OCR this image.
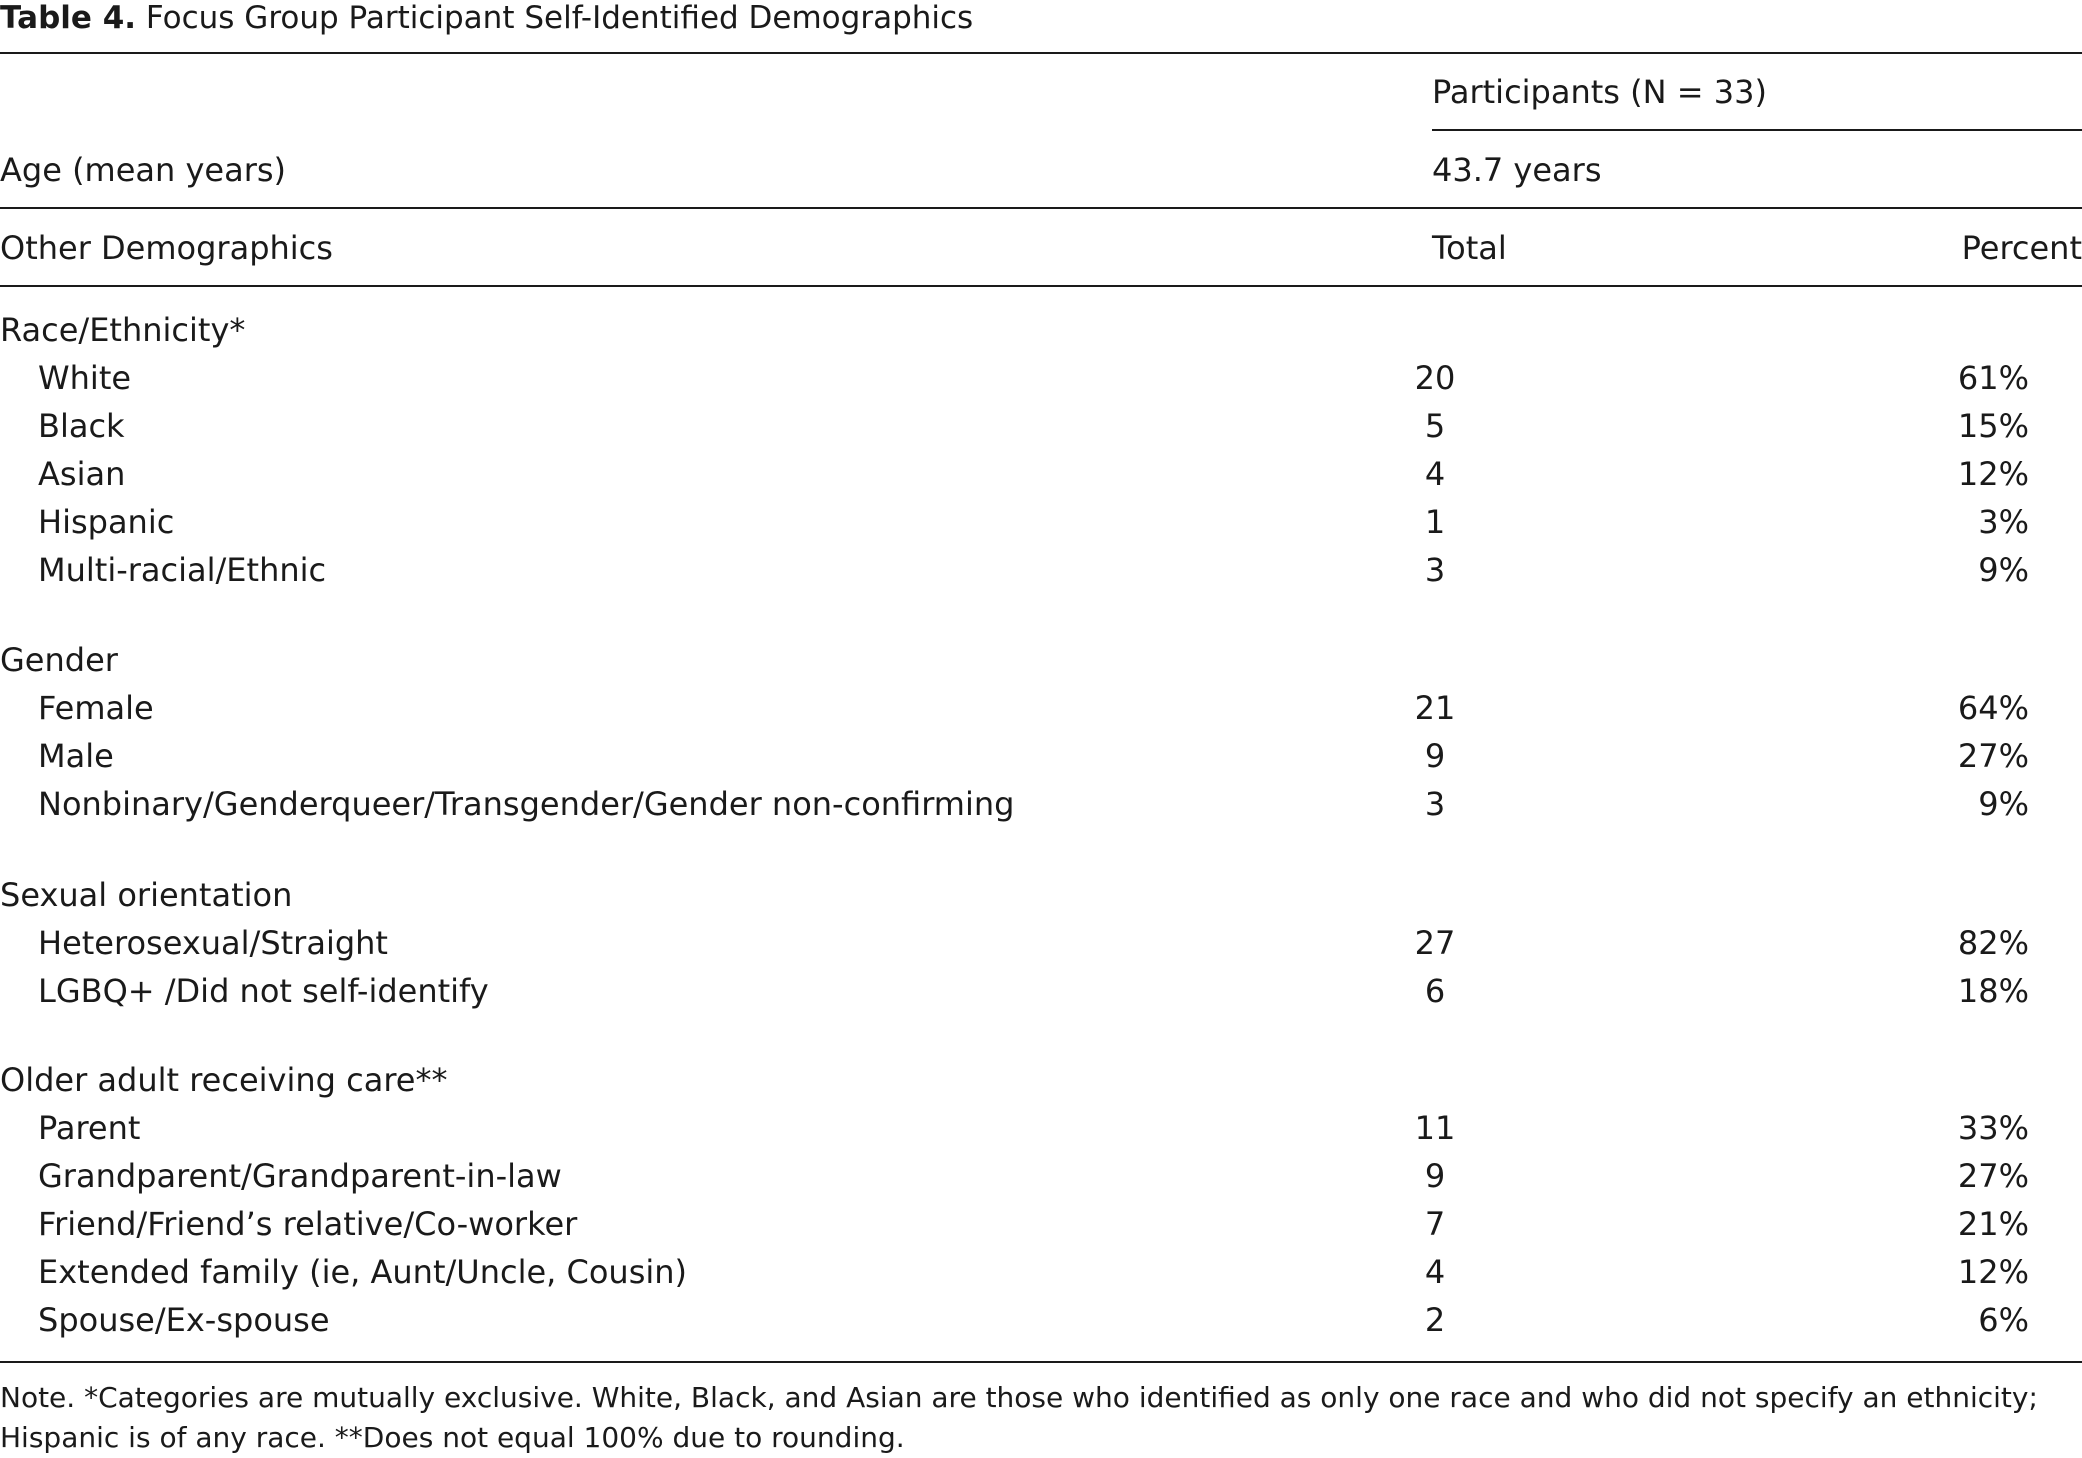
Table 4. Focus Group Participant Self-Identified Demographics
Participants (N = 33)
Age (mean years)	43.7 years
Other Demographics	Total	Percent
Race/Ethnicity*
White	20	61%
Black	5	15%
Asian	4	12%
Hispanic	1	3%
Multi-racial/Ethnic	3	9%
Gender
Female	21	64%
Male	9	27%
Nonbinary/Genderqueer/Transgender/Gender non-confirming	3	9%
Sexual orientation
Heterosexual/Straight	27	82%
LGBQ+ /Did not self-identify	6	18%
Older adult receiving care**
Parent	11	33%
Grandparent/Grandparent-in-law	9	27%
Friend/Friend’s relative/Co-worker	7	21%
Extended family (ie, Aunt/Uncle, Cousin)	4	12%
Spouse/Ex-spouse	2	6%
Note. *Categories are mutually exclusive. White, Black, and Asian are those who identified as only one race and who did not specify an ethnicity; Hispanic is of any race. **Does not equal 100% due to rounding.
